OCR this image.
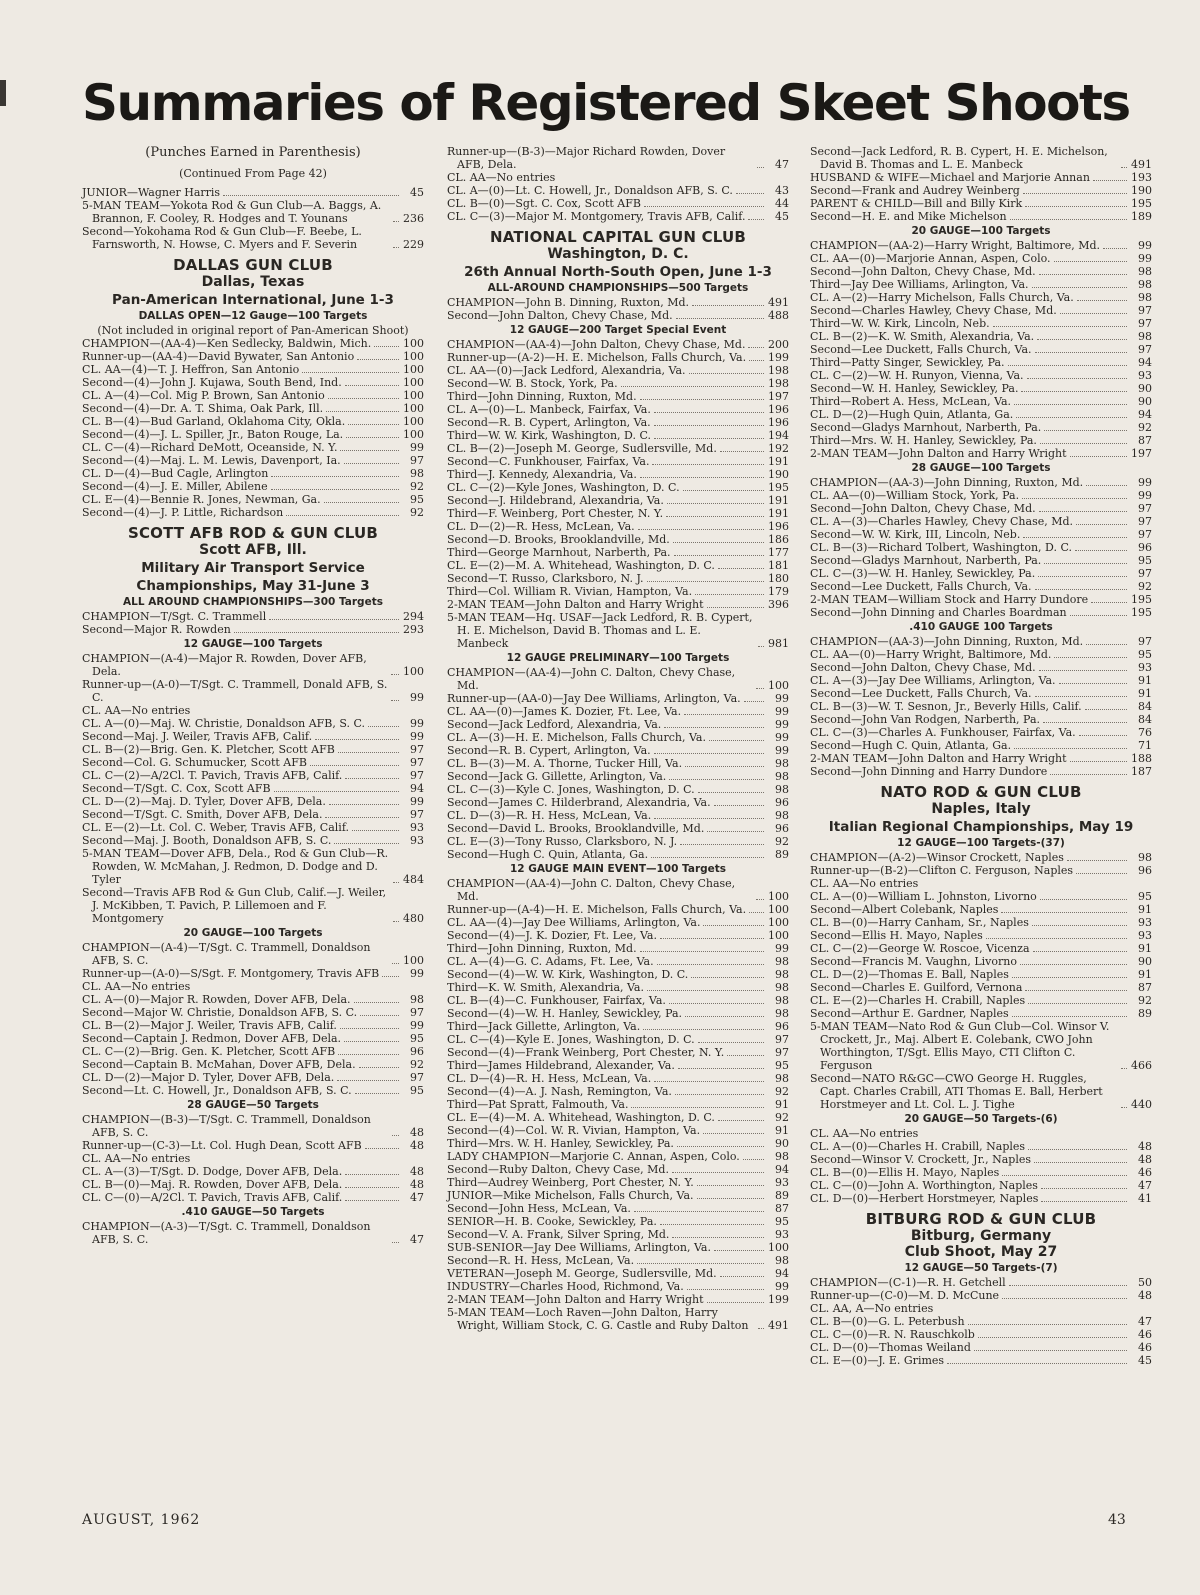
Summaries of Registered Skeet Shoots
(Punches Earned in Parenthesis)
(Continued From Page 42)
JUNIOR—Wagner Harris	45
5-MAN TEAM—Yokota Rod & Gun Club—A. Baggs, A. Brannon, F. Cooley, R. Hodges and T. Younans	236
Second—Yokohama Rod & Gun Club—F. Beebe, L. Farnsworth, N. Howse, C. Myers and F. Severin	229
DALLAS GUN CLUB
Dallas, Texas
Pan-American International, June 1-3
DALLAS OPEN—12 Gauge—100 Targets
(Not included in original report of Pan-American Shoot)
CHAMPION—(AA-4)—Ken Sedlecky, Baldwin, Mich.	100
Runner-up—(AA-4)—David Bywater, San Antonio	100
CL. AA—(4)—T. J. Heffron, San Antonio	100
Second—(4)—John J. Kujawa, South Bend, Ind.	100
CL. A—(4)—Col. Mig P. Brown, San Antonio	100
Second—(4)—Dr. A. T. Shima, Oak Park, Ill.	100
CL. B—(4)—Bud Garland, Oklahoma City, Okla.	100
Second—(4)—J. L. Spiller, Jr., Baton Rouge, La.	100
CL. C—(4)—Richard DeMott, Oceanside, N. Y.	99
Second—(4)—Maj. L. M. Lewis, Davenport, Ia.	97
CL. D—(4)—Bud Cagle, Arlington	98
Second—(4)—J. E. Miller, Abilene	92
CL. E—(4)—Bennie R. Jones, Newman, Ga.	95
Second—(4)—J. P. Little, Richardson	92
SCOTT AFB ROD & GUN CLUB
Scott AFB, Ill.
Military Air Transport Service
Championships, May 31-June 3
ALL AROUND CHAMPIONSHIPS—300 Targets
CHAMPION—T/Sgt. C. Trammell	294
Second—Major R. Rowden	293
12 GAUGE—100 Targets
CHAMPION—(A-4)—Major R. Rowden, Dover AFB, Dela.	100
Runner-up—(A-0)—T/Sgt. C. Trammell, Donald AFB, S. C.	99
CL. AA—No entries
CL. A—(0)—Maj. W. Christie, Donaldson AFB, S. C.	99
Second—Maj. J. Weiler, Travis AFB, Calif.	99
CL. B—(2)—Brig. Gen. K. Pletcher, Scott AFB	97
Second—Col. G. Schumucker, Scott AFB	97
CL. C—(2)—A/2Cl. T. Pavich, Travis AFB, Calif.	97
Second—T/Sgt. C. Cox, Scott AFB	94
CL. D—(2)—Maj. D. Tyler, Dover AFB, Dela.	99
Second—T/Sgt. C. Smith, Dover AFB, Dela.	97
CL. E—(2)—Lt. Col. C. Weber, Travis AFB, Calif.	93
Second—Maj. J. Booth, Donaldson AFB, S. C.	93
5-MAN TEAM—Dover AFB, Dela., Rod & Gun Club—R. Rowden, W. McMahan, J. Redmon, D. Dodge and D. Tyler	484
Second—Travis AFB Rod & Gun Club, Calif.—J. Weiler, J. McKibben, T. Pavich, P. Lillemoen and F. Montgomery	480
20 GAUGE—100 Targets
CHAMPION—(A-4)—T/Sgt. C. Trammell, Donaldson AFB, S. C.	100
Runner-up—(A-0)—S/Sgt. F. Montgomery, Travis AFB	99
CL. AA—No entries
CL. A—(0)—Major R. Rowden, Dover AFB, Dela.	98
Second—Major W. Christie, Donaldson AFB, S. C.	97
CL. B—(2)—Major J. Weiler, Travis AFB, Calif.	99
Second—Captain J. Redmon, Dover AFB, Dela.	95
CL. C—(2)—Brig. Gen. K. Pletcher, Scott AFB	96
Second—Captain B. McMahan, Dover AFB, Dela.	92
CL. D—(2)—Major D. Tyler, Dover AFB, Dela.	97
Second—Lt. C. Howell, Jr., Donaldson AFB, S. C.	95
28 GAUGE—50 Targets
CHAMPION—(B-3)—T/Sgt. C. Trammell, Donaldson AFB, S. C.	48
Runner-up—(C-3)—Lt. Col. Hugh Dean, Scott AFB	48
CL. AA—No entries
CL. A—(3)—T/Sgt. D. Dodge, Dover AFB, Dela.	48
CL. B—(0)—Maj. R. Rowden, Dover AFB, Dela.	48
CL. C—(0)—A/2Cl. T. Pavich, Travis AFB, Calif.	47
.410 GAUGE—50 Targets
CHAMPION—(A-3)—T/Sgt. C. Trammell, Donaldson AFB, S. C.	47
Runner-up—(B-3)—Major Richard Rowden, Dover AFB, Dela.	47
CL. AA—No entries
CL. A—(0)—Lt. C. Howell, Jr., Donaldson AFB, S. C.	43
CL. B—(0)—Sgt. C. Cox, Scott AFB	44
CL. C—(3)—Major M. Montgomery, Travis AFB, Calif.	45
NATIONAL CAPITAL GUN CLUB
Washington, D. C.
26th Annual North-South Open, June 1-3
ALL-AROUND CHAMPIONSHIPS—500 Targets
CHAMPION—John B. Dinning, Ruxton, Md.	491
Second—John Dalton, Chevy Chase, Md.	488
12 GAUGE—200 Target Special Event
CHAMPION—(AA-4)—John Dalton, Chevy Chase, Md. 200
Runner-up—(A-2)—H. E. Michelson, Falls Church, Va. 199
CL. AA—(0)—Jack Ledford, Alexandria, Va.	198
Second—W. B. Stock, York, Pa.	198
Third—John Dinning, Ruxton, Md.	197
CL. A—(0)—L. Manbeck, Fairfax, Va.	196
Second—R. B. Cypert, Arlington, Va.	196
Third—W. W. Kirk, Washington, D. C.	194
CL. B—(2)—Joseph M. George, Sudlersville, Md.	192
Second—C. Funkhouser, Fairfax, Va.	191
Third—J. Kennedy, Alexandria, Va.	190
CL. C—(2)—Kyle Jones, Washington, D. C.	195
Second—J. Hildebrand, Alexandria, Va.	191
Third—F. Weinberg, Port Chester, N. Y.	191
CL. D—(2)—R. Hess, McLean, Va.	196
Second—D. Brooks, Brooklandville, Md.	186
Third—George Marnhout, Narberth, Pa.	177
CL. E—(2)—M. A. Whitehead, Washington, D. C.	181
Second—T. Russo, Clarksboro, N. J.	180
Third—Col. William R. Vivian, Hampton, Va.	179
2-MAN TEAM—John Dalton and Harry Wright	396
5-MAN TEAM—Hq. USAF—Jack Ledford, R. B. Cypert, H. E. Michelson, David B. Thomas and L. E. Manbeck	981
12 GAUGE PRELIMINARY—100 Targets
CHAMPION—(AA-4)—John C. Dalton, Chevy Chase, Md.	100
Runner-up—(AA-0)—Jay Dee Williams, Arlington, Va.	99
CL. AA—(0)—James K. Dozier, Ft. Lee, Va.	99
Second—Jack Ledford, Alexandria, Va.	99
CL. A—(3)—H. E. Michelson, Falls Church, Va.	99
Second—R. B. Cypert, Arlington, Va.	99
CL. B—(3)—M. A. Thorne, Tucker Hill, Va.	98
Second—Jack G. Gillette, Arlington, Va.	98
CL. C—(3)—Kyle C. Jones, Washington, D. C.	98
Second—James C. Hilderbrand, Alexandria, Va.	96
CL. D—(3)—R. H. Hess, McLean, Va.	98
Second—David L. Brooks, Brooklandville, Md.	96
CL. E—(3)—Tony Russo, Clarksboro, N. J.	92
Second—Hugh C. Quin, Atlanta, Ga.	89
12 GAUGE MAIN EVENT—100 Targets
CHAMPION—(AA-4)—John C. Dalton, Chevy Chase, Md.	100
Runner-up—(A-4)—H. E. Michelson, Falls Church, Va. 100
CL. AA—(4)—Jay Dee Williams, Arlington, Va.	100
Second—(4)—J. K. Dozier, Ft. Lee, Va.	100
Third—John Dinning, Ruxton, Md.	99
CL. A—(4)—G. C. Adams, Ft. Lee, Va.	98
Second—(4)—W. W. Kirk, Washington, D. C.	98
Third—K. W. Smith, Alexandria, Va.	98
CL. B—(4)—C. Funkhouser, Fairfax, Va.	98
Second—(4)—W. H. Hanley, Sewickley, Pa.	98
Third—Jack Gillette, Arlington, Va.	96
CL. C—(4)—Kyle E. Jones, Washington, D. C.	97
Second—(4)—Frank Weinberg, Port Chester, N. Y.	97
Third—James Hildebrand, Alexander, Va.	95
CL. D—(4)—R. H. Hess, McLean, Va.	98
Second—(4)—A. J. Nash, Remington, Va.	92
Third—Pat Spratt, Falmouth, Va.	91
CL. E—(4)—M. A. Whitehead, Washington, D. C.	92
Second—(4)—Col. W. R. Vivian, Hampton, Va.	91
Third—Mrs. W. H. Hanley, Sewickley, Pa.	90
LADY CHAMPION—Marjorie C. Annan, Aspen, Colo.	98
Second—Ruby Dalton, Chevy Case, Md.	94
Third—Audrey Weinberg, Port Chester, N. Y.	93
JUNIOR—Mike Michelson, Falls Church, Va.	89
Second—John Hess, McLean, Va.	87
SENIOR—H. B. Cooke, Sewickley, Pa.	95
Second—V. A. Frank, Silver Spring, Md.	93
SUB-SENIOR—Jay Dee Williams, Arlington, Va.	100
Second—R. H. Hess, McLean, Va.	98
VETERAN—Joseph M. George, Sudlersville, Md.	94
INDUSTRY—Charles Hood, Richmond, Va.	99
2-MAN TEAM—John Dalton and Harry Wright	199
5-MAN TEAM—Loch Raven—John Dalton, Harry Wright, William Stock, C. G. Castle and Ruby Dalton	491
Second—Jack Ledford, R. B. Cypert, H. E. Michelson, David B. Thomas and L. E. Manbeck	491
HUSBAND & WIFE—Michael and Marjorie Annan	193
Second—Frank and Audrey Weinberg	190
PARENT & CHILD—Bill and Billy Kirk	195
Second—H. E. and Mike Michelson	189
20 GAUGE—100 Targets
CHAMPION—(AA-2)—Harry Wright, Baltimore, Md.	99
CL. AA—(0)—Marjorie Annan, Aspen, Colo.	99
Second—John Dalton, Chevy Chase, Md.	98
Third—Jay Dee Williams, Arlington, Va.	98
CL. A—(2)—Harry Michelson, Falls Church, Va.	98
Second—Charles Hawley, Chevy Chase, Md.	97
Third—W. W. Kirk, Lincoln, Neb.	97
CL. B—(2)—K. W. Smith, Alexandria, Va.	98
Second—Lee Duckett, Falls Church, Va.	97
Third—Patty Singer, Sewickley, Pa.	94
CL. C—(2)—W. H. Runyon, Vienna, Va.	93
Second—W. H. Hanley, Sewickley, Pa.	90
Third—Robert A. Hess, McLean, Va.	90
CL. D—(2)—Hugh Quin, Atlanta, Ga.	94
Second—Gladys Marnhout, Narberth, Pa.	92
Third—Mrs. W. H. Hanley, Sewickley, Pa.	87
2-MAN TEAM—John Dalton and Harry Wright	197
28 GAUGE—100 Targets
CHAMPION—(AA-3)—John Dinning, Ruxton, Md.	99
CL. AA—(0)—William Stock, York, Pa.	99
Second—John Dalton, Chevy Chase, Md.	97
CL. A—(3)—Charles Hawley, Chevy Chase, Md.	97
Second—W. W. Kirk, III, Lincoln, Neb.	97
CL. B—(3)—Richard Tolbert, Washington, D. C.	96
Second—Gladys Marnhout, Narberth, Pa.	95
CL. C—(3)—W. H. Hanley, Sewickley, Pa.	97
Second—Lee Duckett, Falls Church, Va.	92
2-MAN TEAM—William Stock and Harry Dundore	195
Second—John Dinning and Charles Boardman	195
.410 GAUGE 100 Targets
CHAMPION—(AA-3)—John Dinning, Ruxton, Md.	97
CL. AA—(0)—Harry Wright, Baltimore, Md.	95
Second—John Dalton, Chevy Chase, Md.	93
CL. A—(3)—Jay Dee Williams, Arlington, Va.	91
Second—Lee Duckett, Falls Church, Va.	91
CL. B—(3)—W. T. Sesnon, Jr., Beverly Hills, Calif.	84
Second—John Van Rodgen, Narberth, Pa.	84
CL. C—(3)—Charles A. Funkhouser, Fairfax, Va.	76
Second—Hugh C. Quin, Atlanta, Ga.	71
2-MAN TEAM—John Dalton and Harry Wright	188
Second—John Dinning and Harry Dundore	187
NATO ROD & GUN CLUB
Naples, Italy
Italian Regional Championships, May 19
12 GAUGE—100 Targets-(37)
CHAMPION—(A-2)—Winsor Crockett, Naples	98
Runner-up—(B-2)—Clifton C. Ferguson, Naples	96
CL. AA—No entries
CL. A—(0)—William L. Johnston, Livorno	95
Second—Albert Colebank, Naples	91
CL. B—(0)—Harry Canham, Sr., Naples	93
Second—Ellis H. Mayo, Naples	93
CL. C—(2)—George W. Roscoe, Vicenza	91
Second—Francis M. Vaughn, Livorno	90
CL. D—(2)—Thomas E. Ball, Naples	91
Second—Charles E. Guilford, Vernona	87
CL. E—(2)—Charles H. Crabill, Naples	92
Second—Arthur E. Gardner, Naples	89
5-MAN TEAM—Nato Rod & Gun Club—Col. Winsor V. Crockett, Jr., Maj. Albert E. Colebank, CWO John Worthington, T/Sgt. Ellis Mayo, CTI Clifton C. Ferguson	466
Second—NATO R&GC—CWO George H. Ruggles, Capt. Charles Crabill, ATI Thomas E. Ball, Herbert Horstmeyer and Lt. Col. L. J. Tighe	440
20 GAUGE—50 Targets-(6)
CL. AA—No entries
CL. A—(0)—Charles H. Crabill, Naples	48
Second—Winsor V. Crockett, Jr., Naples	48
CL. B—(0)—Ellis H. Mayo, Naples	46
CL. C—(0)—John A. Worthington, Naples	47
CL. D—(0)—Herbert Horstmeyer, Naples	41
BITBURG ROD & GUN CLUB
Bitburg, Germany
Club Shoot, May 27
12 GAUGE—50 Targets-(7)
CHAMPION—(C-1)—R. H. Getchell	50
Runner-up—(C-0)—M. D. McCune	48
CL. AA, A—No entries
CL. B—(0)—G. L. Peterbush	47
CL. C—(0)—R. N. Rauschkolb	46
CL. D—(0)—Thomas Weiland	46
CL. E—(0)—J. E. Grimes	45
AUGUST, 1962	43
